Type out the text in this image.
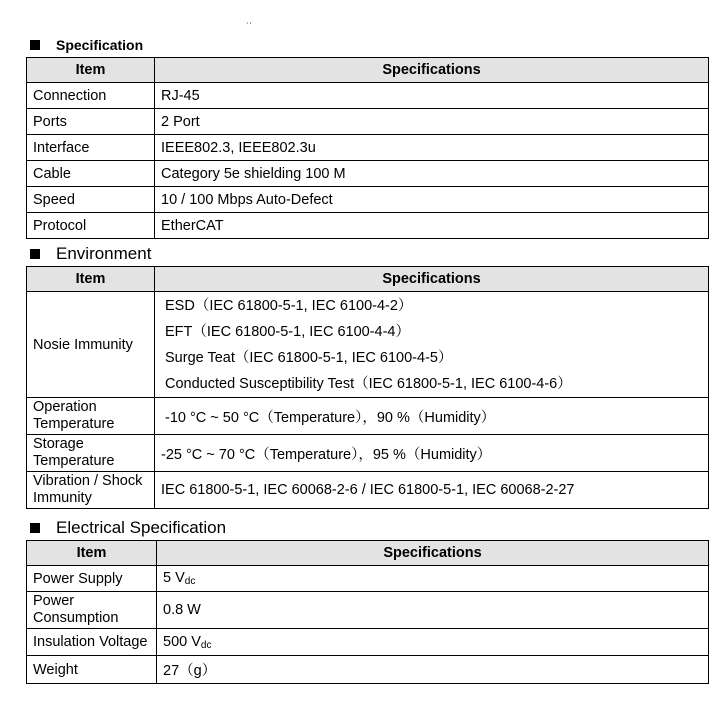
˙˙
Specification
Item	Specifications
Connection	RJ-45
Ports	2 Port
Interface	IEEE802.3, IEEE802.3u
Cable	Category 5e shielding 100 M
Speed	10 / 100 Mbps Auto-Defect
Protocol	EtherCAT
Environment
Item	Specifications
Nosie Immunity	ESD（IEC 61800-5-1, IEC 6100-4-2）
EFT（IEC 61800-5-1, IEC 6100-4-4）
Surge Teat（IEC 61800-5-1, IEC 6100-4-5）
Conducted Susceptibility Test（IEC 61800-5-1, IEC 6100-4-6）

Operation Temperature	-10 °C ~ 50 °C（Temperature），90 %（Humidity）
Storage Temperature	-25 °C ~ 70 °C（Temperature），95 %（Humidity）
Vibration / Shock Immunity	IEC 61800-5-1, IEC 60068-2-6 / IEC 61800-5-1, IEC 60068-2-27
Electrical Specification
Item	Specifications
Power Supply	5 $V_{dc}$
Power Consumption	0.8 W
Insulation Voltage	500 $V_{dc}$
Weight	27（g）
